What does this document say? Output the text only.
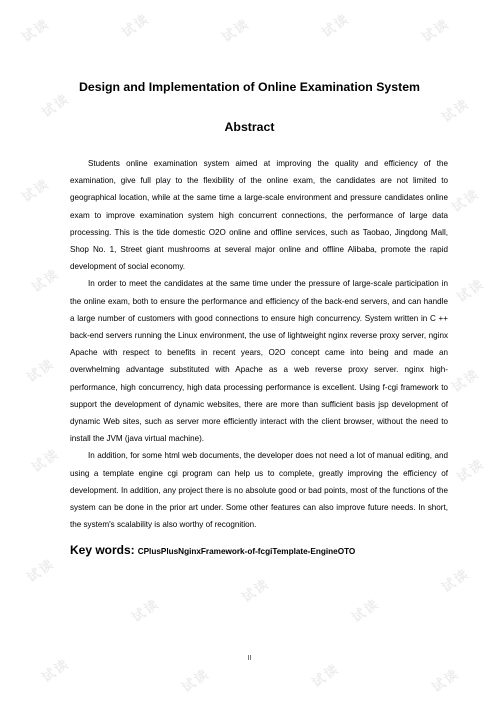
试读	试读	试读	试读	试读
试读	试读
试读	试读
试读	试读
试读	试读
试读	试读
试读
试读
试读
试读
试读
试读	试读	试读	试读
Design and Implementation of Online Examination System
Abstract

Students online examination system aimed at improving the quality and efficiency of the examination, give full play to the flexibility of the online exam, the candidates are not limited to geographical location, while at the same time a large-scale environment and pressure candidates online exam to improve examination system high concurrent connections, the performance of large data processing. This is the tide domestic O2O online and offline services, such as Taobao, Jingdong Mall, Shop No. 1, Street giant mushrooms at several major online and offline Alibaba, promote the rapid development of social economy.

In order to meet the candidates at the same time under the pressure of large-scale participation in the online exam, both to ensure the performance and efficiency of the back-end servers, and can handle a large number of customers with good connections to ensure high concurrency. System written in C ++ back-end servers running the Linux environment, the use of lightweight nginx reverse proxy server, nginx Apache with respect to benefits in recent years, O2O concept came into being and made an overwhelming advantage substituted with Apache as a web reverse proxy server. nginx high-performance, high concurrency, high data processing performance is excellent. Using f-cgi framework to support the development of dynamic websites, there are more than sufficient basis jsp development of dynamic Web sites, such as server more efficiently interact with the client browser, without the need to install the JVM (java virtual machine).

In addition, for some html web documents, the developer does not need a lot of manual editing, and using a template engine cgi program can help us to complete, greatly improving the efficiency of development. In addition, any project there is no absolute good or bad points, most of the functions of the system can be done in the prior art under. Some other features can also improve future needs. In short, the system's scalability is also worthy of recognition.

Key words: CPlusPlusNginxFramework-of-fcgiTemplate-EngineOTO
II
